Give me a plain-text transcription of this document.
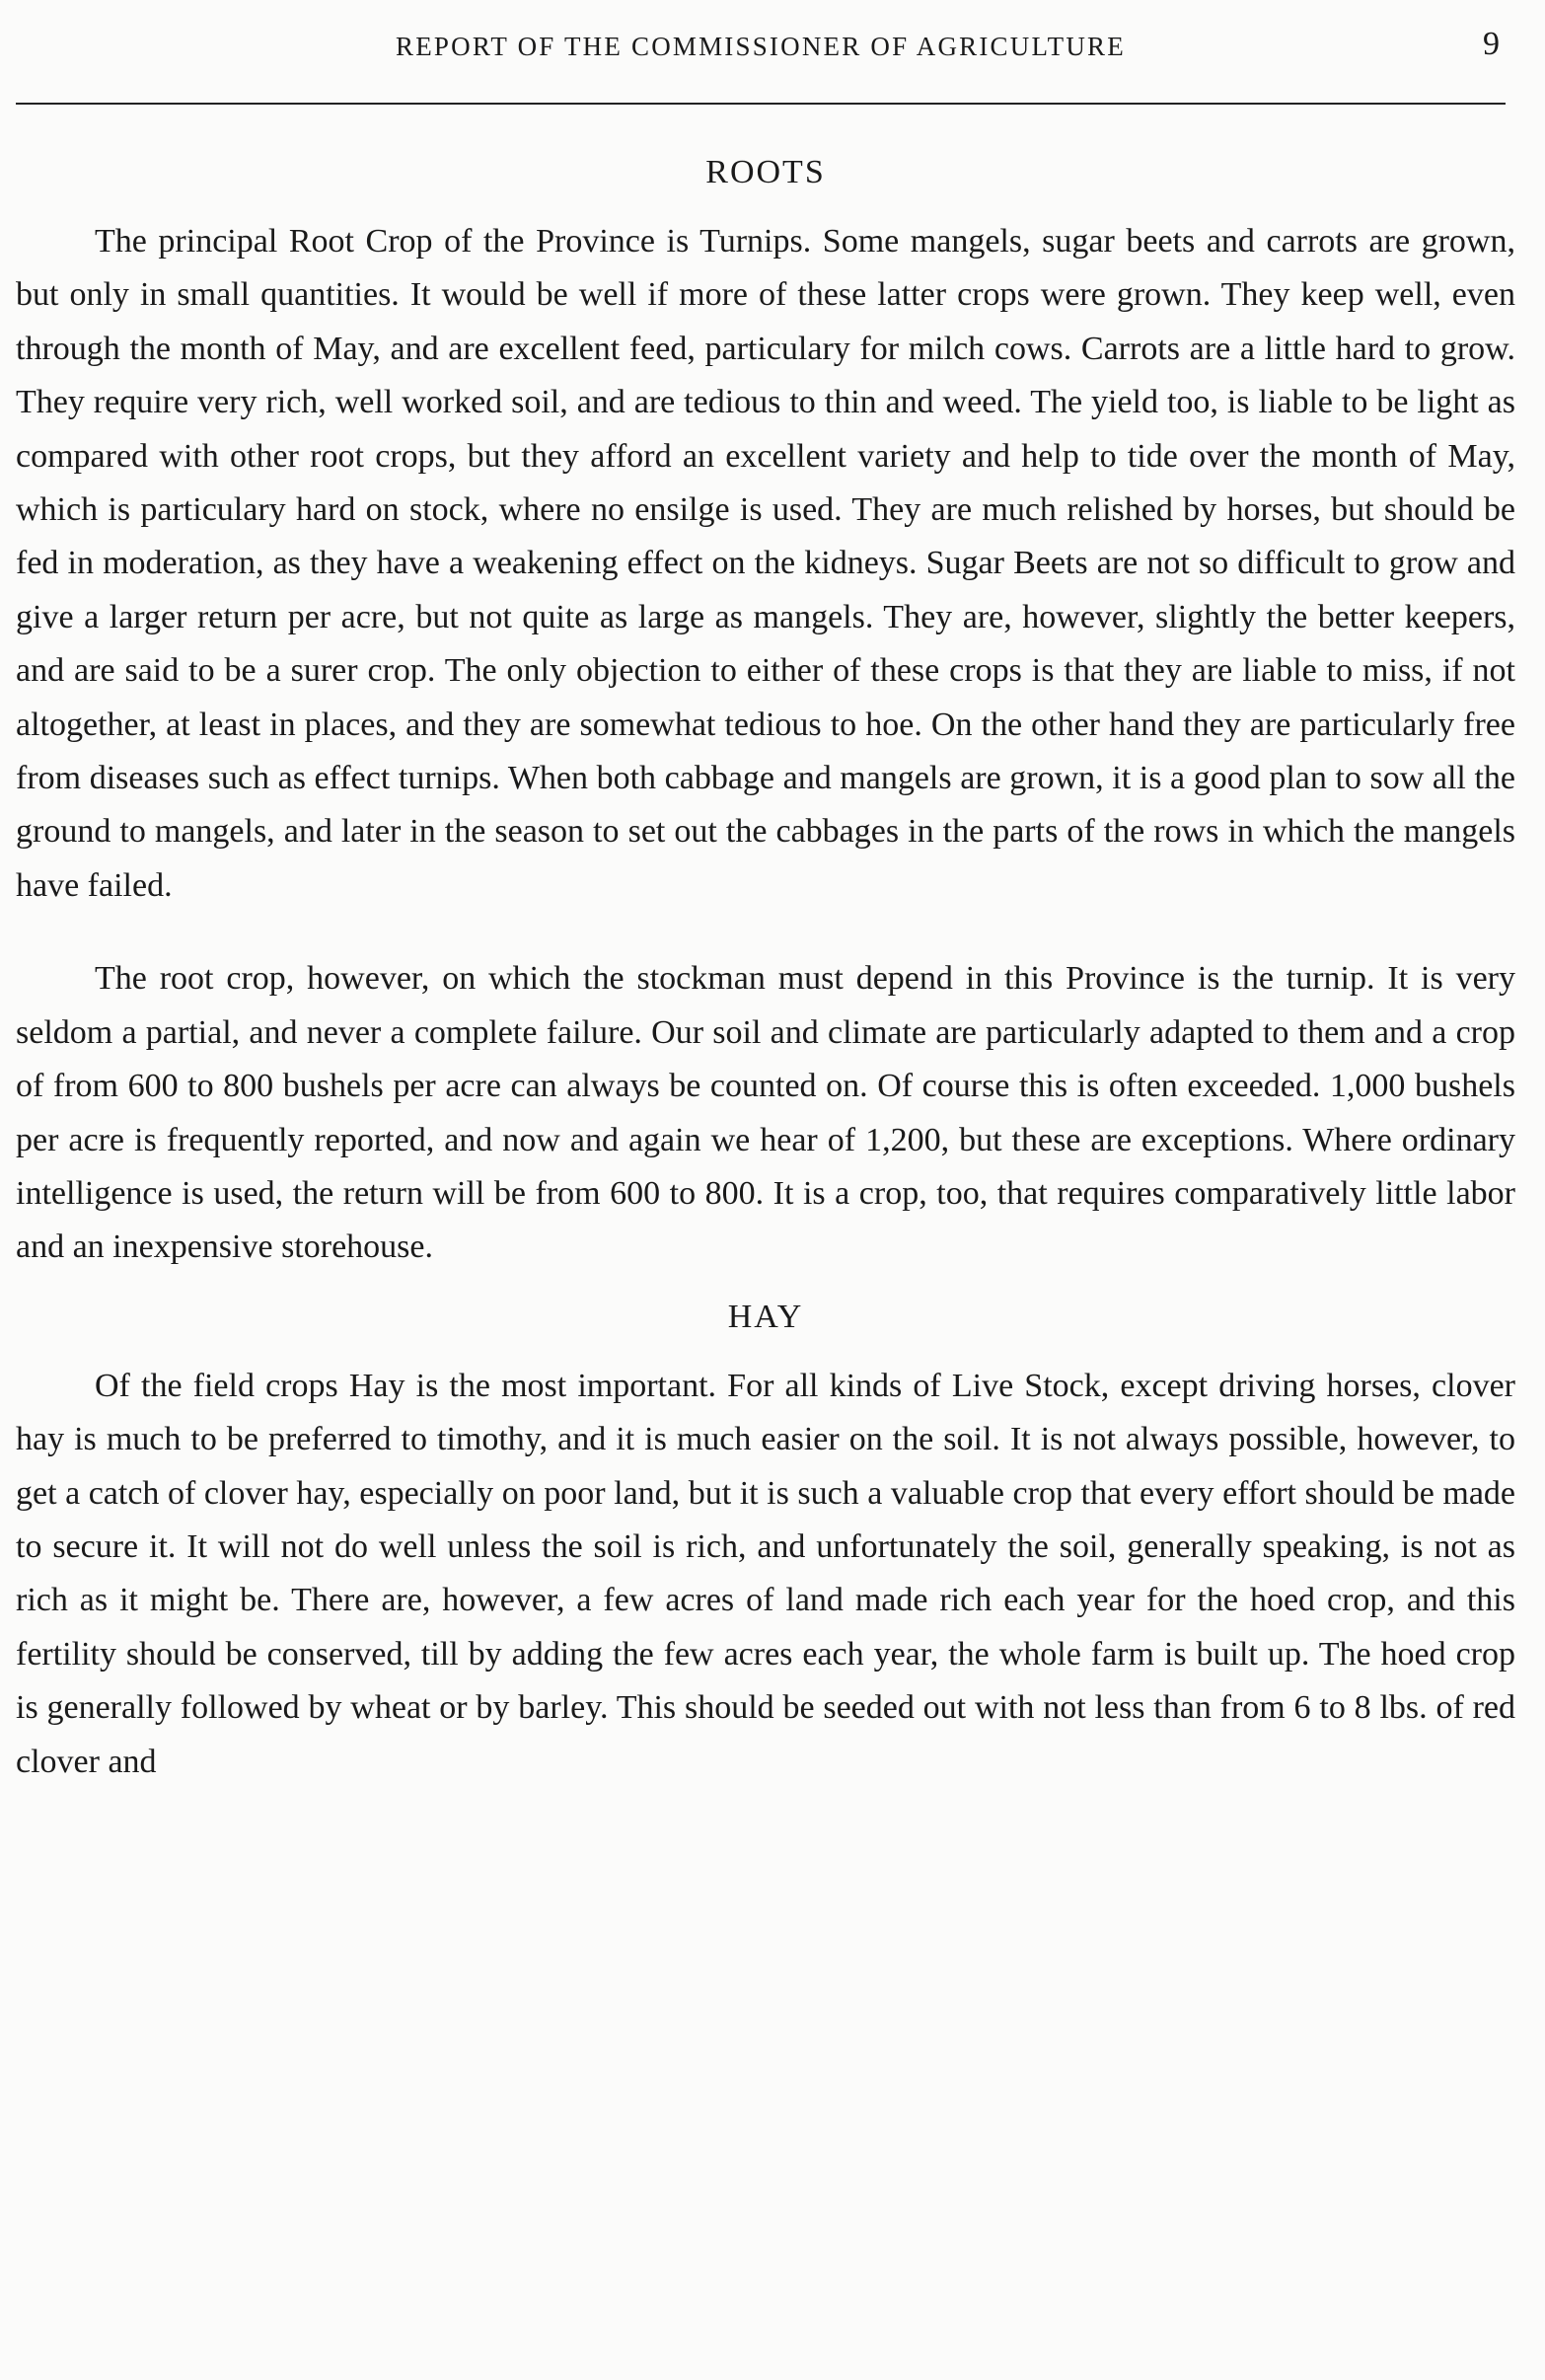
REPORT OF THE COMMISSIONER OF AGRICULTURE	9
ROOTS

The principal Root Crop of the Province is Turnips. Some mangels, sugar beets and carrots are grown, but only in small quantities. It would be well if more of these latter crops were grown. They keep well, even through the month of May, and are excellent feed, particulary for milch cows. Carrots are a little hard to grow. They require very rich, well worked soil, and are tedious to thin and weed. The yield too, is liable to be light as compared with other root crops, but they afford an excellent variety and help to tide over the month of May, which is particulary hard on stock, where no ensilge is used. They are much relished by horses, but should be fed in moderation, as they have a weakening effect on the kidneys. Sugar Beets are not so difficult to grow and give a larger return per acre, but not quite as large as mangels. They are, however, slightly the better keepers, and are said to be a surer crop. The only objection to either of these crops is that they are liable to miss, if not altogether, at least in places, and they are somewhat tedious to hoe. On the other hand they are particularly free from diseases such as effect turnips. When both cabbage and mangels are grown, it is a good plan to sow all the ground to mangels, and later in the season to set out the cabbages in the parts of the rows in which the mangels have failed.

The root crop, however, on which the stockman must depend in this Province is the turnip. It is very seldom a partial, and never a complete failure. Our soil and climate are particularly adapted to them and a crop of from 600 to 800 bushels per acre can always be counted on. Of course this is often exceeded. 1,000 bushels per acre is frequently reported, and now and again we hear of 1,200, but these are exceptions. Where ordinary intelligence is used, the return will be from 600 to 800. It is a crop, too, that requires comparatively little labor and an inexpensive storehouse.

HAY

Of the field crops Hay is the most important. For all kinds of Live Stock, except driving horses, clover hay is much to be preferred to timothy, and it is much easier on the soil. It is not always possible, however, to get a catch of clover hay, especially on poor land, but it is such a valuable crop that every effort should be made to secure it. It will not do well unless the soil is rich, and unfortunately the soil, generally speaking, is not as rich as it might be. There are, however, a few acres of land made rich each year for the hoed crop, and this fertility should be conserved, till by adding the few acres each year, the whole farm is built up. The hoed crop is generally followed by wheat or by barley. This should be seeded out with not less than from 6 to 8 lbs. of red clover and
